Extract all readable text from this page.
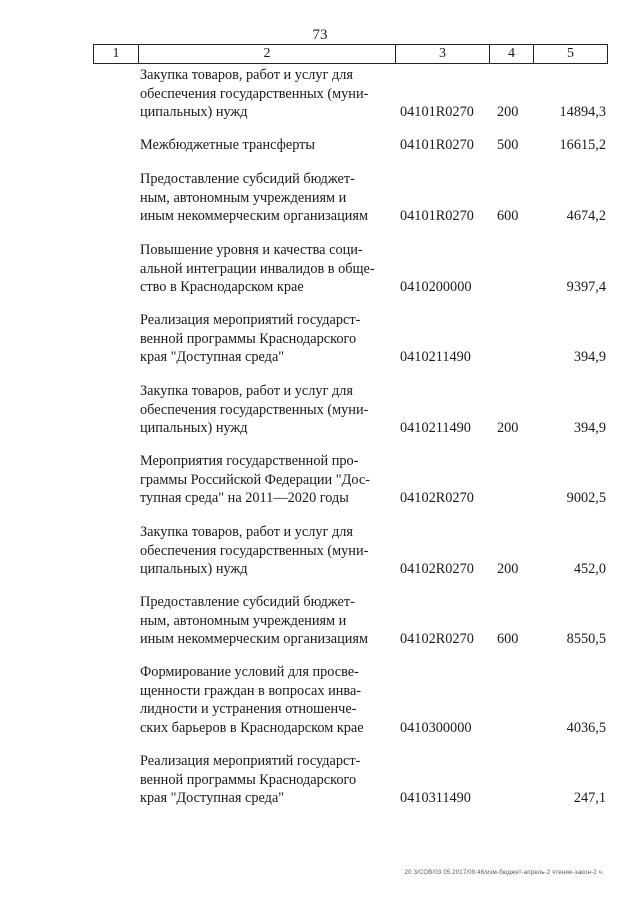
73
1	2	3	4	5
Закупка товаров, работ и услуг для
обеспечения государственных (муни-
ципальных) нужд	04101R0270 200	14894,3
Межбюджетные трансферты	04101R0270 500	16615,2
Предоставление субсидий бюджет-
ным, автономным учреждениям и
иным некоммерческим организациям	04101R0270 600	4674,2
Повышение уровня и качества соци-
альной интеграции инвалидов в обще-
ство в Краснодарском крае	0410200000	9397,4
Реализация мероприятий государст-
венной программы Краснодарского
края "Доступная среда"	0410211490	394,9
Закупка товаров, работ и услуг для
обеспечения государственных (муни-
ципальных) нужд	0410211490 200	394,9
Мероприятия государственной про-
граммы Российской Федерации "Дос-
тупная среда" на 2011—2020 годы	04102R0270	9002,5
Закупка товаров, работ и услуг для
обеспечения государственных (муни-
ципальных) нужд	04102R0270 200	452,0
Предоставление субсидий бюджет-
ным, автономным учреждениям и
иным некоммерческим организациям	04102R0270 600	8550,5
Формирование условий для просве-
щенности граждан в вопросах инва-
лидности и устранения отношенче-
ских барьеров в Краснодарском крае	0410300000	4036,5
Реализация мероприятий государст-
венной программы Краснодарского
края "Доступная среда"	0410311490	247,1
20 3/СОВ/03 05.2017/09:46/изм-бюджет-апрель-2 чтение-закон-2 ч.
